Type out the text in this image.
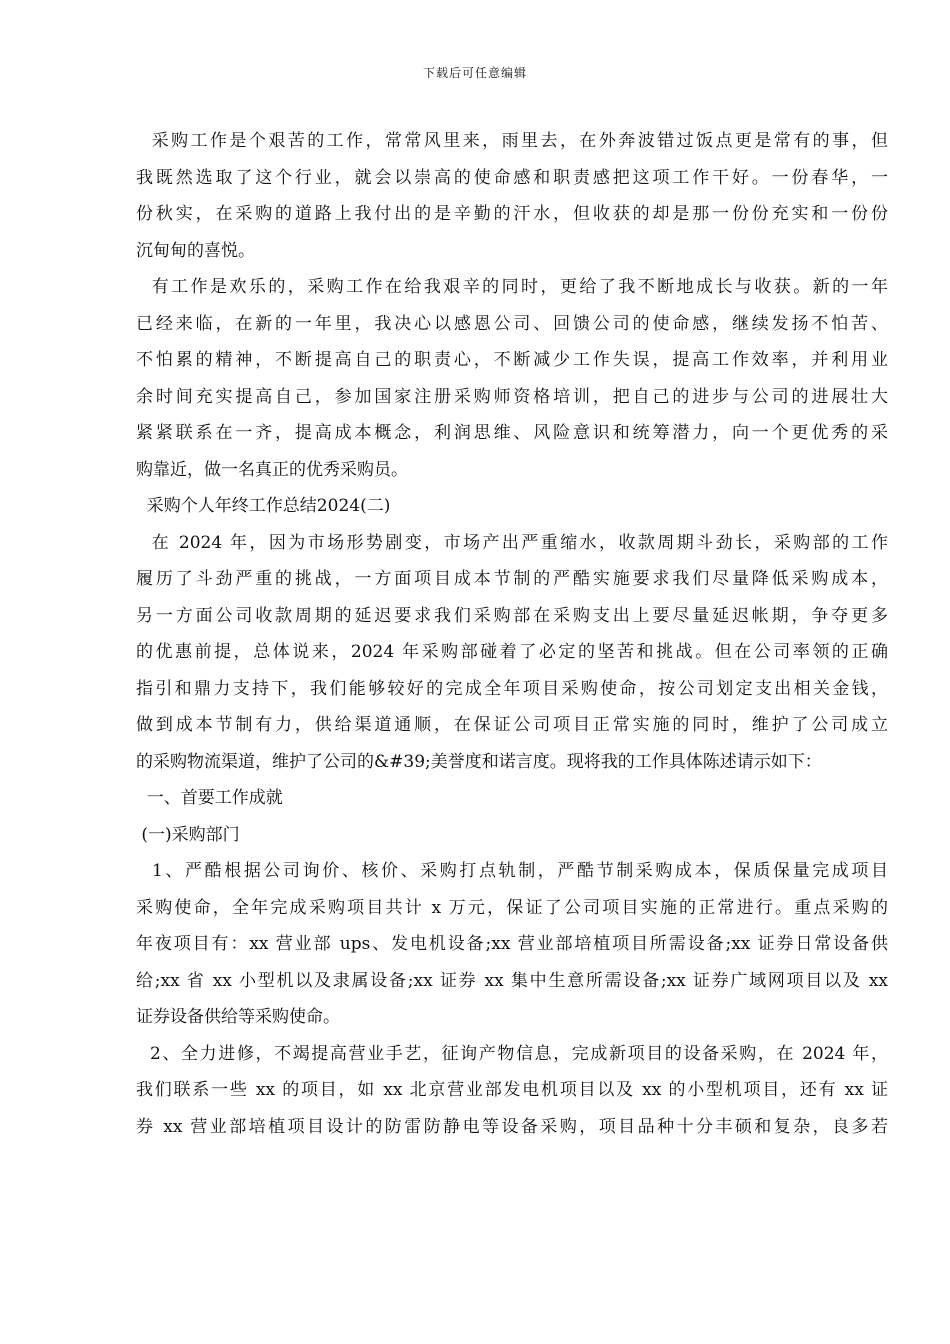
下载后可任意编辑
采购工作是个艰苦的工作，常常风里来，雨里去，在外奔波错过饭点更是常有的事，但
我既然选取了这个行业，就会以崇高的使命感和职责感把这项工作干好。一份春华，一
份秋实，在采购的道路上我付出的是辛勤的汗水，但收获的却是那一份份充实和一份份
沉甸甸的喜悦。
有工作是欢乐的，采购工作在给我艰辛的同时，更给了我不断地成长与收获。新的一年
已经来临，在新的一年里，我决心以感恩公司、回馈公司的使命感，继续发扬不怕苦、
不怕累的精神，不断提高自己的职责心，不断减少工作失误，提高工作效率，并利用业
余时间充实提高自己，参加国家注册采购师资格培训，把自己的进步与公司的进展壮大
紧紧联系在一齐，提高成本概念，利润思维、风险意识和统筹潜力，向一个更优秀的采
购靠近，做一名真正的优秀采购员。
采购个人年终工作总结2024(二)
在 2024 年，因为市场形势剧变，市场产出严重缩水，收款周期斗劲长，采购部的工作
履历了斗劲严重的挑战，一方面项目成本节制的严酷实施要求我们尽量降低采购成本，
另一方面公司收款周期的延迟要求我们采购部在采购支出上要尽量延迟帐期，争夺更多
的优惠前提，总体说来，2024 年采购部碰着了必定的坚苦和挑战。但在公司率领的正确
指引和鼎力支持下，我们能够较好的完成全年项目采购使命，按公司划定支出相关金钱，
做到成本节制有力，供给渠道通顺，在保证公司项目正常实施的同时，维护了公司成立
的采购物流渠道，维护了公司的&#39;美誉度和诺言度。现将我的工作具体陈述请示如下：
一、首要工作成就
(一)采购部门
1、严酷根据公司询价、核价、采购打点轨制，严酷节制采购成本，保质保量完成项目
采购使命，全年完成采购项目共计 x 万元，保证了公司项目实施的正常进行。重点采购的
年夜项目有：xx 营业部 ups、发电机设备;xx 营业部培植项目所需设备;xx 证券日常设备供
给;xx 省 xx 小型机以及隶属设备;xx 证券 xx 集中生意所需设备;xx 证券广域网项目以及 xx
证券设备供给等采购使命。
2、全力进修，不竭提高营业手艺，征询产物信息，完成新项目的设备采购，在 2024 年，
我们联系一些 xx 的项目，如 xx 北京营业部发电机项目以及 xx 的小型机项目，还有 xx 证
券 xx 营业部培植项目设计的防雷防静电等设备采购，项目品种十分丰硕和复杂，良多若
